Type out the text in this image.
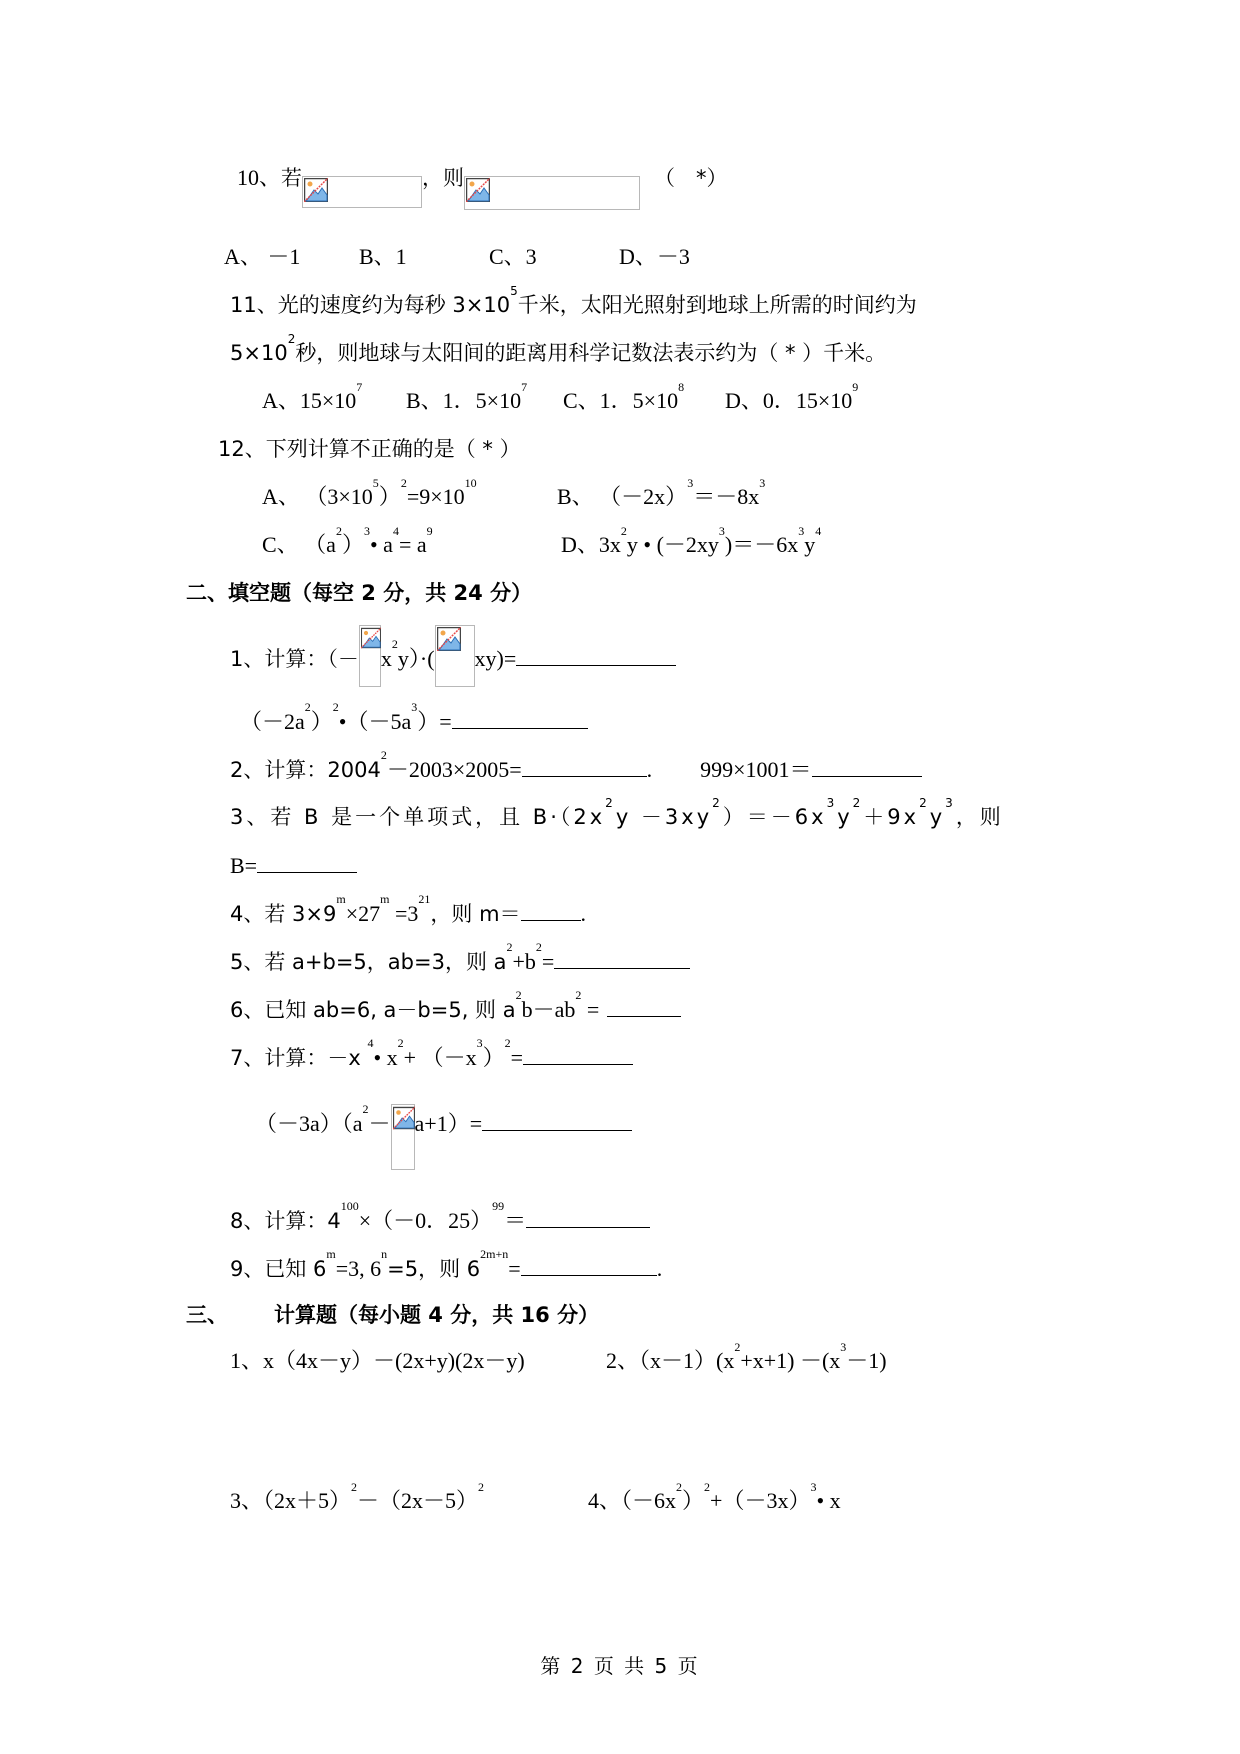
10、若	，则	（　*）
A、 －1	B、1	C、3	D、－3
11、光的速度约为每秒 $3\times 10^5$千米，太阳光照射到地球上所需的时间约为
$5\times 10^2$秒，则地球与太阳间的距离用科学记数法表示约为（ * ）千米。
A、$15\times 10^7B$、1．$5\times 10^7C$、1．$5\times 10^8D$、0．$15\times 10^9$
12、下列计算不正确的是（ * ）
A、 $(3\times 10^5)^2=9\times 10^{10}$
B、 $(-2x)^3=-8x^3$
C、 $(a^2)^3•$ $a^4= a^9$
D、$3x^2y$ • $(-2xy^3)=-6x^3y^4$
二、填空题（每空 2 分，共 24 分）
1、计算：（－ $x^2y)\cdot$( xy)=
$(-2a^2)^2•(-5a^3)=$
2、计算：$2004^2-2003\times 2005=$	. 999×1001＝
3、若 B 是一个单项式，且 $B\cdot(2x^2y -3xy^2)=-6x^3y^2+9x^2y^3$，则
B=
4、若 $3\times 9^m\times 27^m =3^{21}$，则 m＝	.
5、若 a+b=5，ab=3，则 $a^2+b^2=$
6、已知 ab=6, a－b=5, 则 $a^2b-ab^2$ =
7、计算：－x $^4$• $x^2+ (-x^3)^2=$
$(-3a)(a^2- a+1)=$
8、计算：$4^{100}\times(-0$．25）$^{99}$＝
9、已知 $6^m=3$, $6^n=5$，则 $6^{2m+n}=$	.
三、 计算题（每小题 4 分，共 16 分）
1、x（4x－y）－(2x+y)(2x－y)	2、$(x-1)(x^2+x+1) -(x^3-1)$
3、$(2x+5)^2-(2x-5)^2$
4、$(-6x^2)^2+(-3x)^3•$ x
第 2 页 共 5 页
